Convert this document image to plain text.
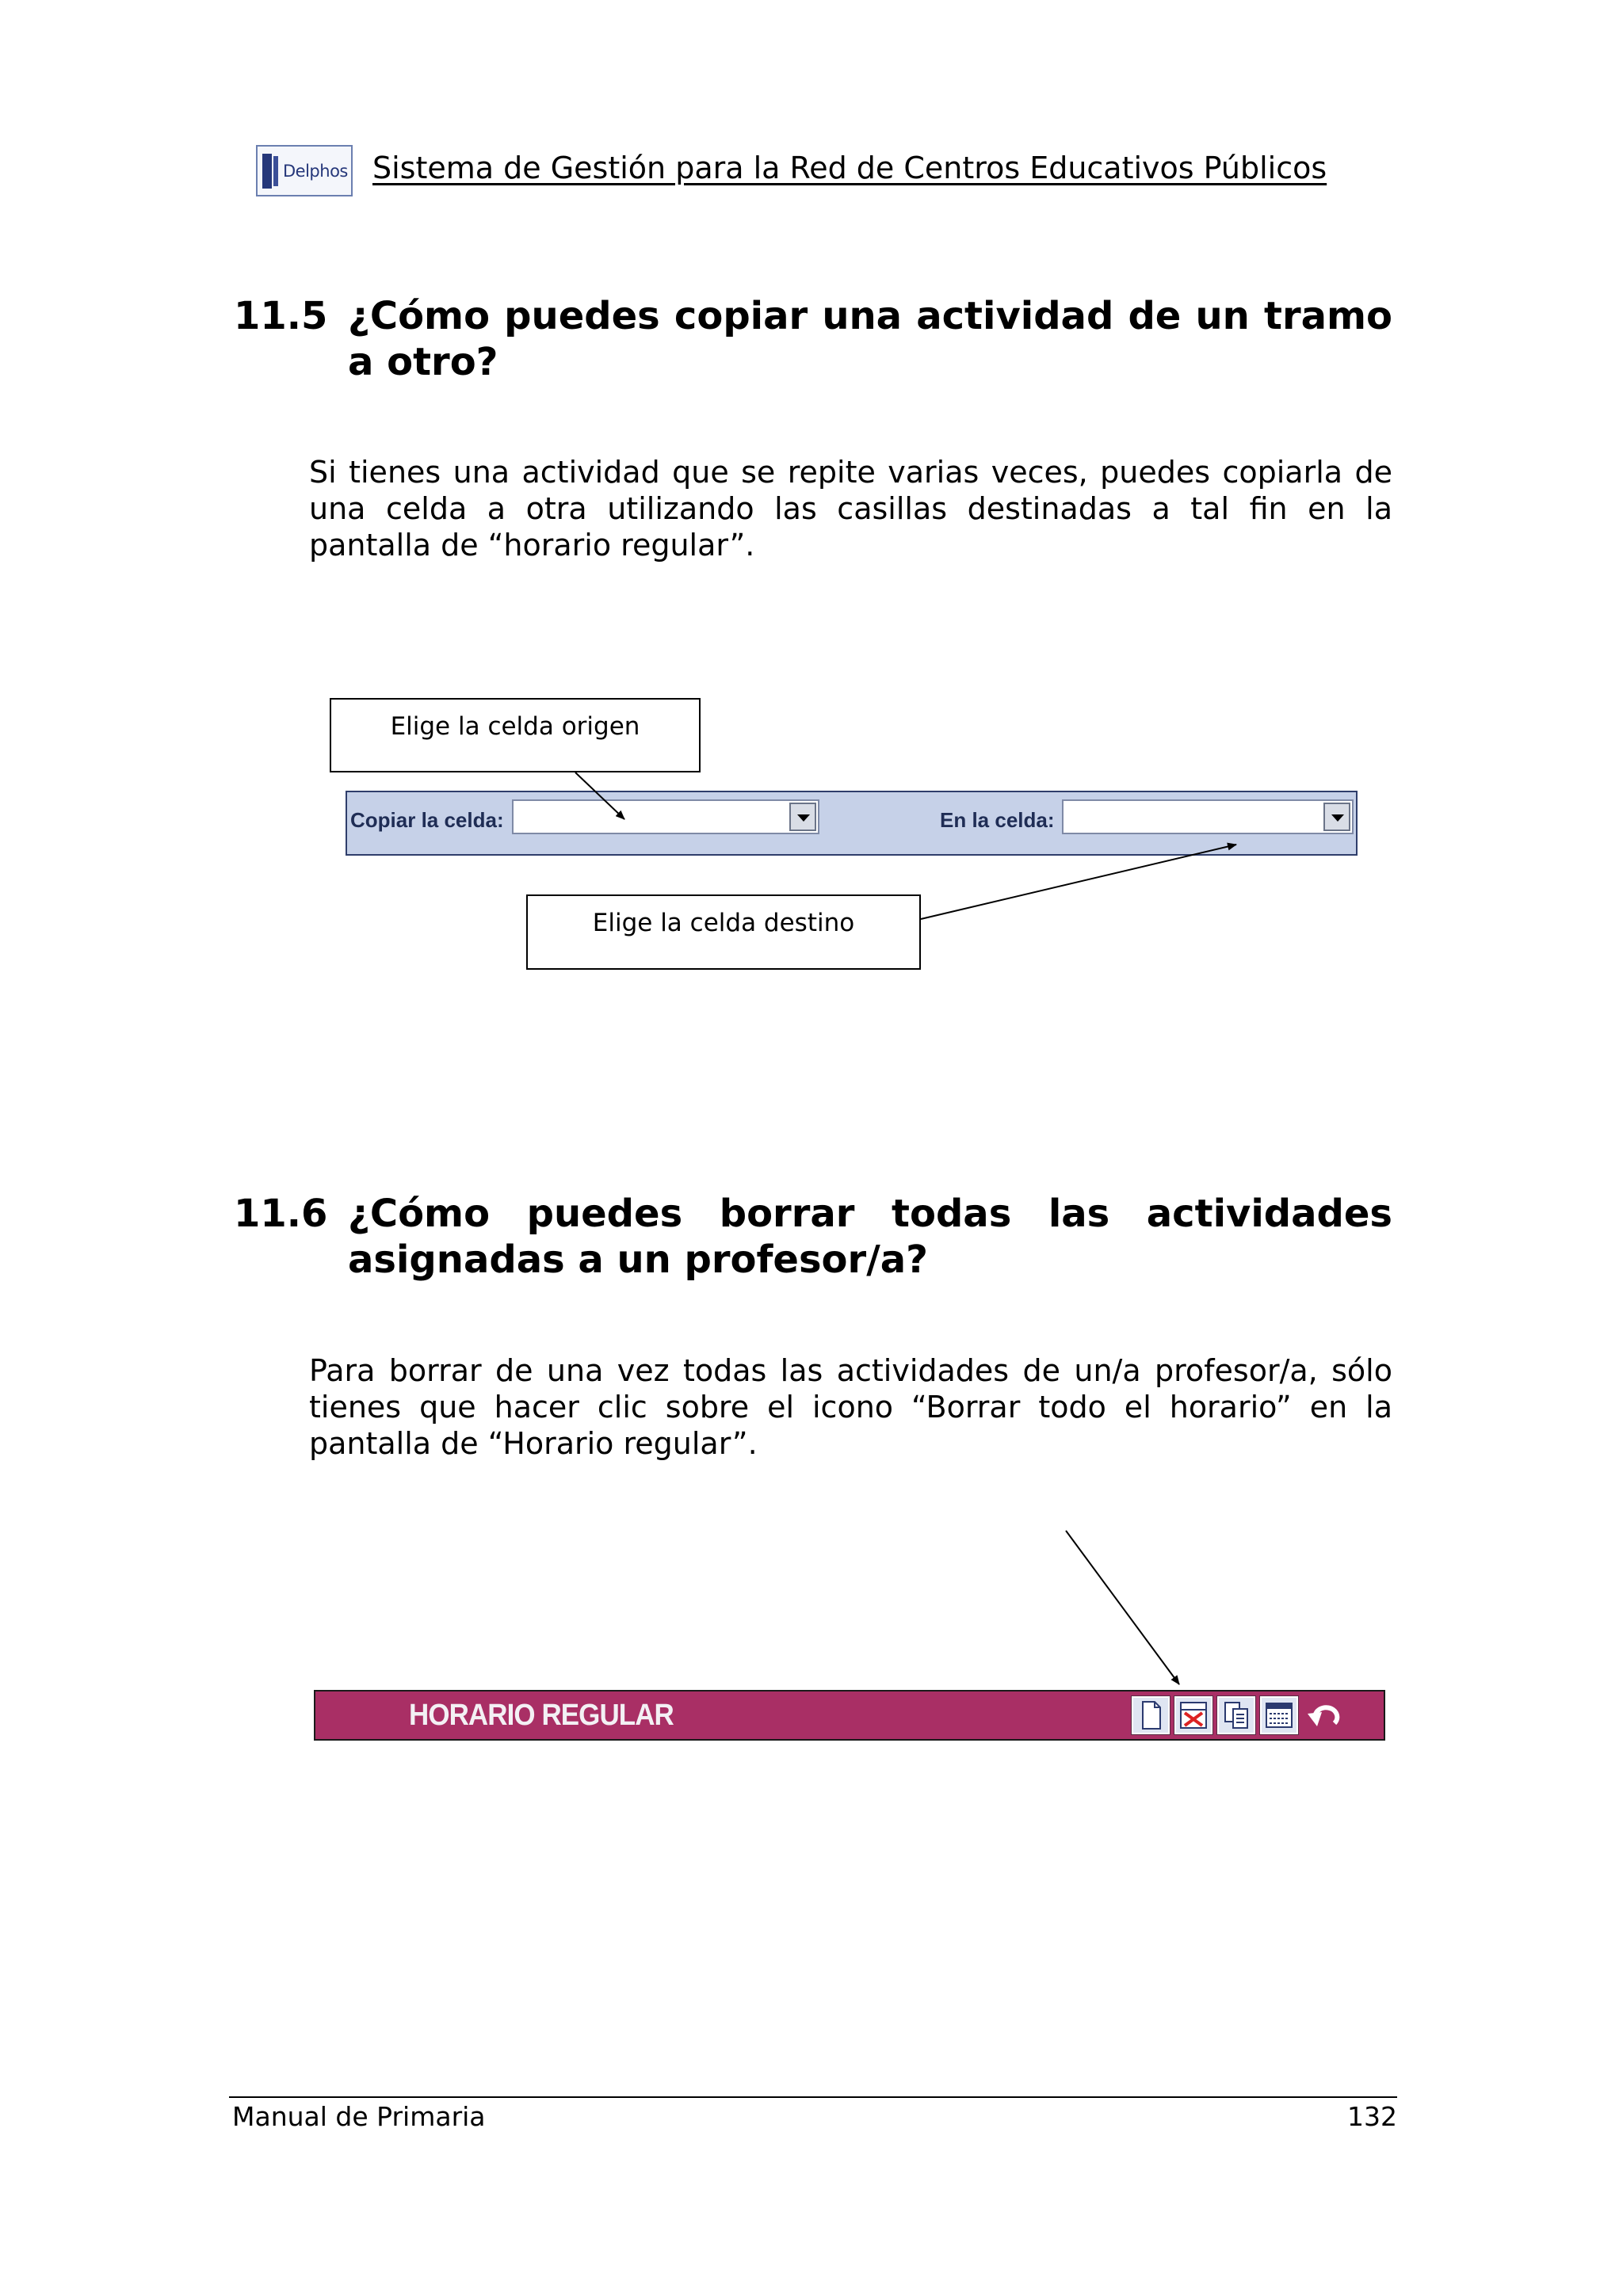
Delphos Sistema de Gestión para la Red de Centros Educativos Públicos
11.5 ¿Cómo puedes copiar una actividad de un tramo
a otro?
Si tienes una actividad que se repite varias veces, puedes copiarla de
una celda a otra utilizando las casillas destinadas a tal fin en la
pantalla de “horario regular”.
Elige la celda origen
Copiar la celda:	En la celda:
Elige la celda destino
11.6 ¿Cómo puedes borrar todas las actividades
asignadas a un profesor/a?
Para borrar de una vez todas las actividades de un/a profesor/a, sólo
tienes que hacer clic sobre el icono “Borrar todo el horario” en la
pantalla de “Horario regular”.
HORARIO REGULAR
Manual de Primaria	132
